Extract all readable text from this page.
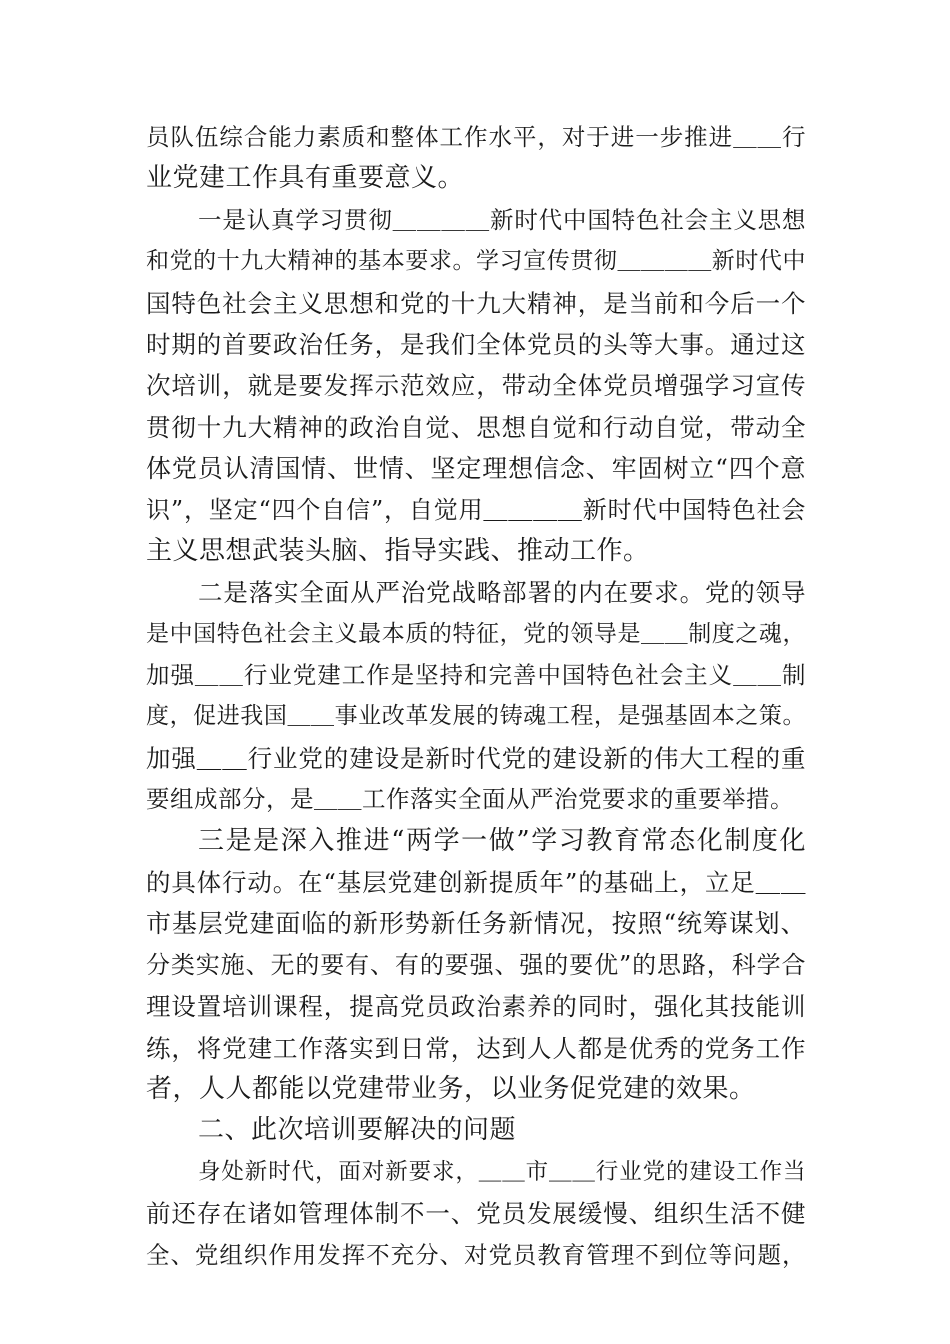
员队伍综合能力素质和整体工作水平，对于进一步推进＿＿行
业党建工作具有重要意义。
一是认真学习贯彻＿＿＿＿新时代中国特色社会主义思想
和党的十九大精神的基本要求。学习宣传贯彻＿＿＿＿新时代中
国特色社会主义思想和党的十九大精神，是当前和今后一个
时期的首要政治任务，是我们全体党员的头等大事。通过这
次培训，就是要发挥示范效应，带动全体党员增强学习宣传
贯彻十九大精神的政治自觉、思想自觉和行动自觉，带动全
体党员认清国情、世情、坚定理想信念、牢固树立“四个意
识”，坚定“四个自信”，自觉用＿＿＿＿新时代中国特色社会
主义思想武装头脑、指导实践、推动工作。
二是落实全面从严治党战略部署的内在要求。党的领导
是中国特色社会主义最本质的特征，党的领导是＿＿制度之魂，
加强＿＿行业党建工作是坚持和完善中国特色社会主义＿＿制
度，促进我国＿＿事业改革发展的铸魂工程，是强基固本之策。
加强＿＿行业党的建设是新时代党的建设新的伟大工程的重
要组成部分，是＿＿工作落实全面从严治党要求的重要举措。
三是是深入推进“两学一做”学习教育常态化制度化
的具体行动。在“基层党建创新提质年”的基础上，立足＿＿
市基层党建面临的新形势新任务新情况，按照“统筹谋划、
分类实施、无的要有、有的要强、强的要优”的思路，科学合
理设置培训课程，提高党员政治素养的同时，强化其技能训
练，将党建工作落实到日常，达到人人都是优秀的党务工作
者，人人都能以党建带业务，以业务促党建的效果。
二、此次培训要解决的问题
身处新时代，面对新要求，＿＿市＿＿行业党的建设工作当
前还存在诸如管理体制不一、党员发展缓慢、组织生活不健
全、党组织作用发挥不充分、对党员教育管理不到位等问题，
